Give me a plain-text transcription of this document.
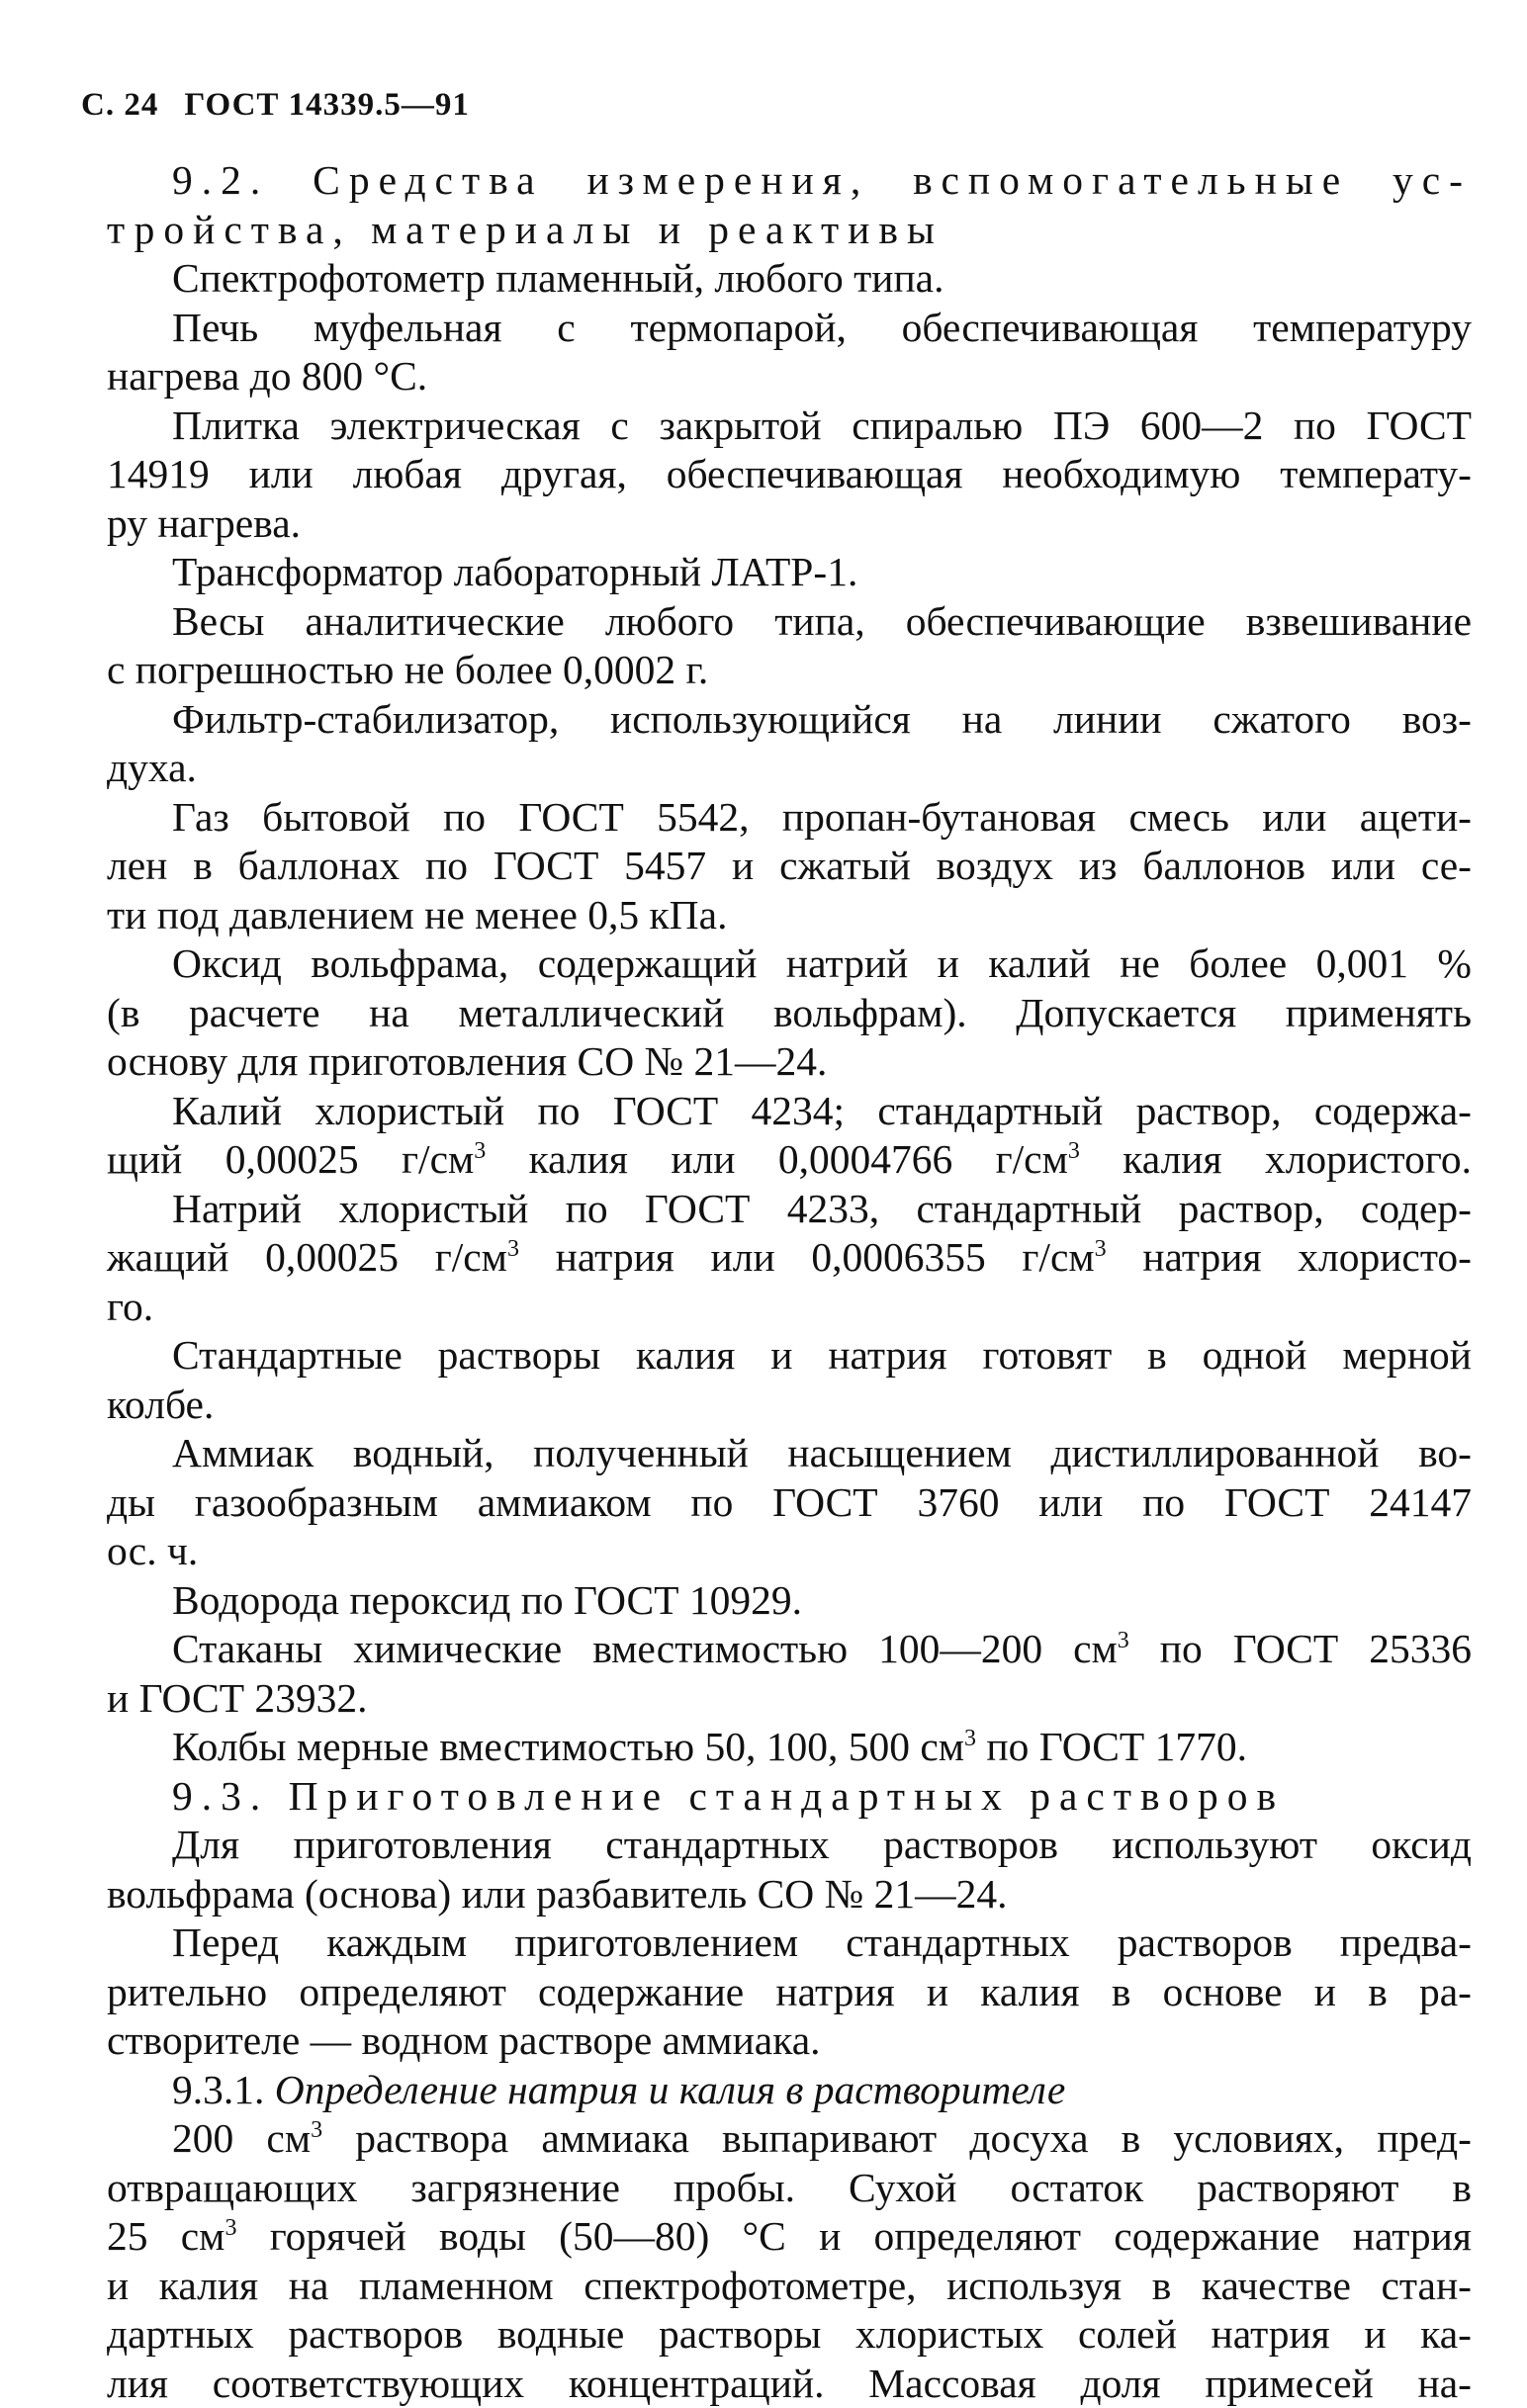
С. 24 ГОСТ 14339.5—91
9.2. Средства измерения, вспомогательные ус-
тройства, материалы и реактивы
Спектрофотометр пламенный, любого типа.
Печь муфельная с термопарой, обеспечивающая температуру
нагрева до 800 °С.
Плитка электрическая с закрытой спиралью ПЭ 600—2 по ГОСТ
14919 или любая другая, обеспечивающая необходимую температу-
ру нагрева.
Трансформатор лабораторный ЛАТР-1.
Весы аналитические любого типа, обеспечивающие взвешивание
с погрешностью не более 0,0002 г.
Фильтр-стабилизатор, использующийся на линии сжатого воз-
духа.
Газ бытовой по ГОСТ 5542, пропан-бутановая смесь или ацети-
лен в баллонах по ГОСТ 5457 и сжатый воздух из баллонов или се-
ти под давлением не менее 0,5 кПа.
Оксид вольфрама, содержащий натрий и калий не более 0,001 %
(в расчете на металлический вольфрам). Допускается применять
основу для приготовления СО № 21—24.
Калий хлористый по ГОСТ 4234; стандартный раствор, содержа-
щий 0,00025 $г/см^3$ калия или 0,0004766 $г/см^3$ калия хлористого.
Натрий хлористый по ГОСТ 4233, стандартный раствор, содер-
жащий 0,00025 $г/см^3$ натрия или 0,0006355 $г/см^3$ натрия хлористо-
го.
Стандартные растворы калия и натрия готовят в одной мерной
колбе.
Аммиак водный, полученный насыщением дистиллированной во-
ды газообразным аммиаком по ГОСТ 3760 или по ГОСТ 24147
ос. ч.
Водорода пероксид по ГОСТ 10929.
Стаканы химические вместимостью 100—200 $см^3$ по ГОСТ 25336
и ГОСТ 23932.
Колбы мерные вместимостью 50, 100, 500 $см^3$ по ГОСТ 1770.
9.3. Приготовление стандартных растворов
Для приготовления стандартных растворов используют оксид
вольфрама (основа) или разбавитель СО № 21—24.
Перед каждым приготовлением стандартных растворов предва-
рительно определяют содержание натрия и калия в основе и в ра-
створителе — водном растворе аммиака.
9.3.1. Определение натрия и калия в растворителе
200 $см^3$ раствора аммиака выпаривают досуха в условиях, пред-
отвращающих загрязнение пробы. Сухой остаток растворяют в
25 $см^3$ горячей воды (50—80) °С и определяют содержание натрия
и калия на пламенном спектрофотометре, используя в качестве стан-
дартных растворов водные растворы хлористых солей натрия и ка-
лия соответствующих концентраций. Массовая доля примесей на-
